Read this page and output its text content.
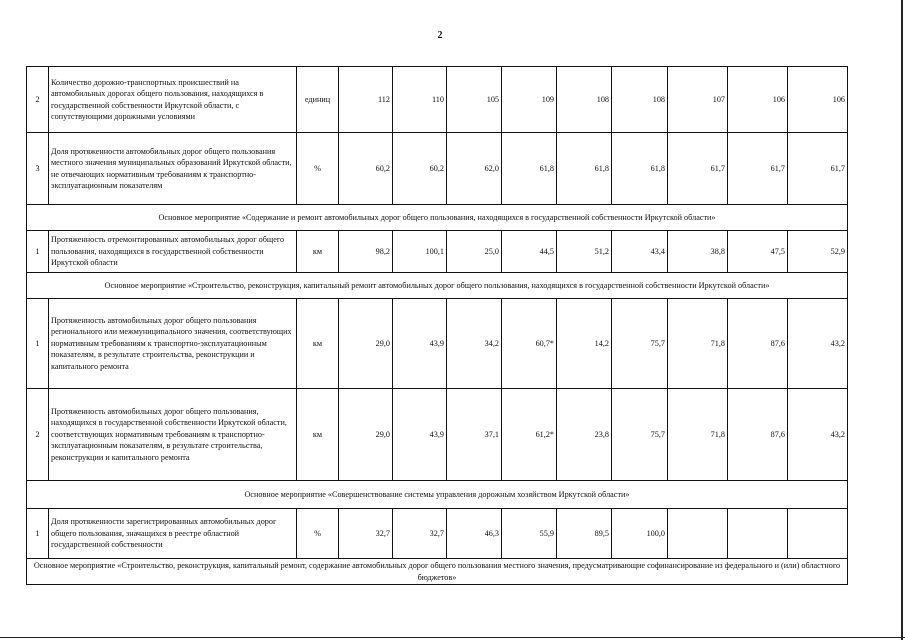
2
2	Количество дорожно-транспортных происшествий на автомобильных дорогах общего пользования, находящихся в государственной собственности Иркутской области, с сопутствующими дорожными условиями	единиц	112	110	105	109	108	108	107	106	106
3	Доля протяженности автомобильных дорог общего пользования местного значения муниципальных образований Иркутской области, не отвечающих нормативным требованиям к транспортно-эксплуатационным показателям	%	60,2	60,2	62,0	61,8	61,8	61,8	61,7	61,7	61,7
Основное мероприятие «Содержание и ремонт автомобильных дорог общего пользования, находящихся в государственной собственности Иркутской области»											
1	Протяженность отремонтированных автомобильных дорог общего пользования, находящихся в государственной собственности Иркутской области	км	98,2	100,1	25,0	44,5	51,2	43,4	38,8	47,5	52,9
Основное мероприятие «Строительство, реконструкция, капитальный ремонт автомобильных дорог общего пользования, находящихся в государственной собственности Иркутской области»											
1	Протяженность автомобильных дорог общего пользования регионального или межмуниципального значения, соответствующих нормативным требованиям к транспортно-эксплуатационным показателям, в результате строительства, реконструкции и капитального ремонта	км	29,0	43,9	34,2	60,7*	14,2	75,7	71,8	87,6	43,2
2	Протяженность автомобильных дорог общего пользования, находящихся в государственной собственности Иркутской области, соответствующих нормативным требованиям к транспортно-эксплуатационным показателям, в результате строительства, реконструкции и капитального ремонта	км	29,0	43,9	37,1	61,2*	23,8	75,7	71,8	87,6	43,2
Основное мероприятие «Совершенствование системы управления дорожным хозяйством Иркутской области»											
1	Доля протяженности зарегистрированных автомобильных дорог общего пользования, значащихся в реестре областной государственной собственности	%	32,7	32,7	46,3	55,9	89,5	100,0			
Основное мероприятие «Строительство, реконструкция, капитальный ремонт, содержание автомобильных дорог общего пользования местного значения, предусматривающие софинансирование из федерального и (или) областного бюджетов»											
